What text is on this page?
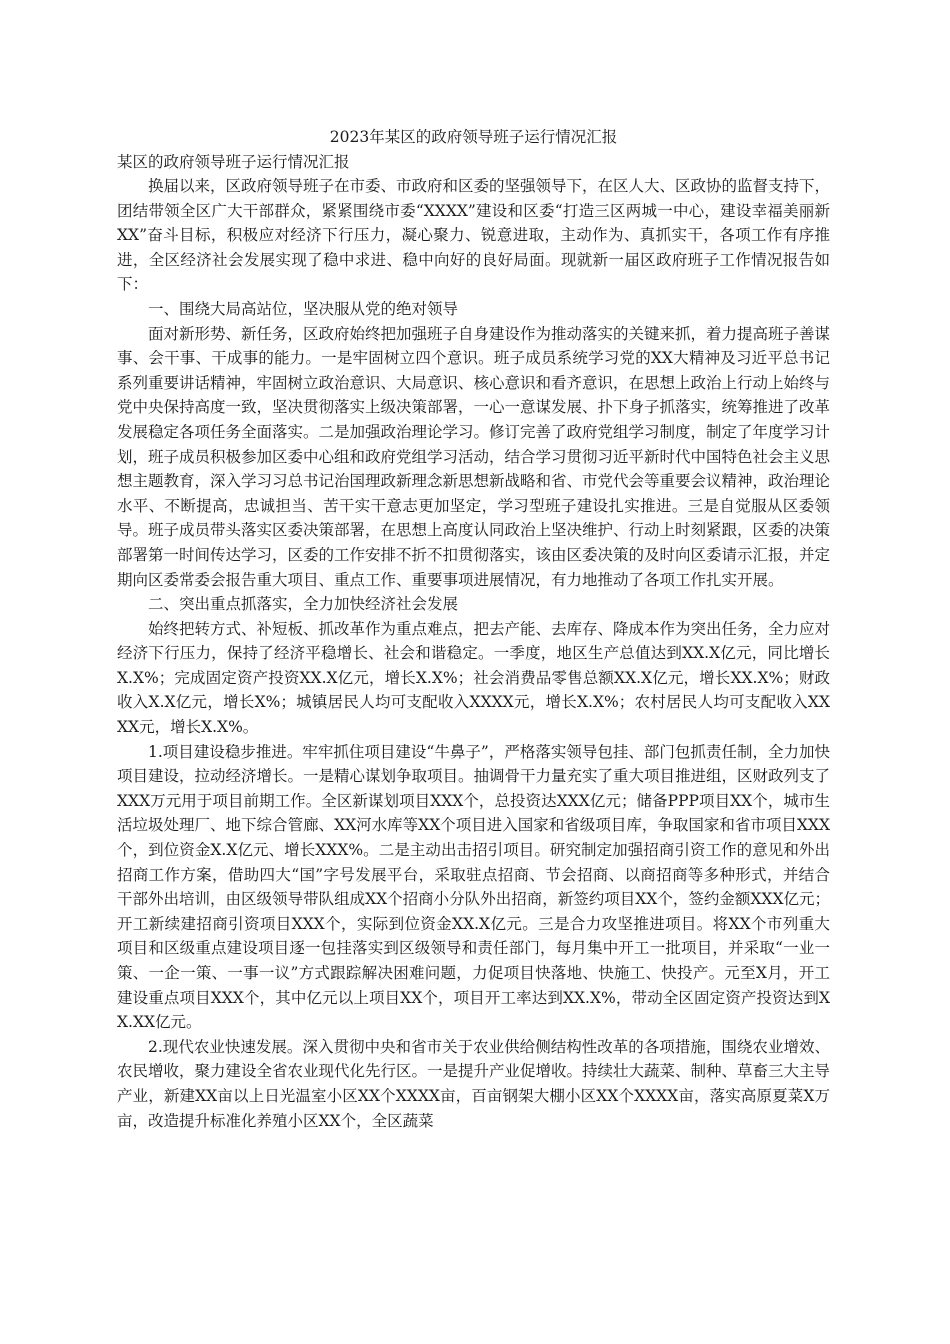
2023年某区的政府领导班子运行情况汇报

某区的政府领导班子运行情况汇报

换届以来，区政府领导班子在市委、市政府和区委的坚强领导下，在区人大、区政协的监督支持下，团结带领全区广大干部群众，紧紧围绕市委“XXXX”建设和区委“打造三区两城一中心，建设幸福美丽新XX”奋斗目标，积极应对经济下行压力，凝心聚力、锐意进取，主动作为、真抓实干，各项工作有序推进，全区经济社会发展实现了稳中求进、稳中向好的良好局面。现就新一届区政府班子工作情况报告如下：

一、围绕大局高站位，坚决服从党的绝对领导

面对新形势、新任务，区政府始终把加强班子自身建设作为推动落实的关键来抓，着力提高班子善谋事、会干事、干成事的能力。一是牢固树立四个意识。班子成员系统学习党的XX大精神及习近平总书记系列重要讲话精神，牢固树立政治意识、大局意识、核心意识和看齐意识，在思想上政治上行动上始终与党中央保持高度一致，坚决贯彻落实上级决策部署，一心一意谋发展、扑下身子抓落实，统筹推进了改革发展稳定各项任务全面落实。二是加强政治理论学习。修订完善了政府党组学习制度，制定了年度学习计划，班子成员积极参加区委中心组和政府党组学习活动，结合学习贯彻习近平新时代中国特色社会主义思想主题教育，深入学习习总书记治国理政新理念新思想新战略和省、市党代会等重要会议精神，政治理论水平、不断提高，忠诚担当、苦干实干意志更加坚定，学习型班子建设扎实推进。三是自觉服从区委领导。班子成员带头落实区委决策部署，在思想上高度认同政治上坚决维护、行动上时刻紧跟，区委的决策部署第一时间传达学习，区委的工作安排不折不扣贯彻落实，该由区委决策的及时向区委请示汇报，并定期向区委常委会报告重大项目、重点工作、重要事项进展情况，有力地推动了各项工作扎实开展。

二、突出重点抓落实，全力加快经济社会发展

始终把转方式、补短板、抓改革作为重点难点，把去产能、去库存、降成本作为突出任务，全力应对经济下行压力，保持了经济平稳增长、社会和谐稳定。一季度，地区生产总值达到XX.X亿元，同比增长X.X%；完成固定资产投资XX.X亿元，增长X.X%；社会消费品零售总额XX.X亿元，增长XX.X%；财政收入X.X亿元，增长X%；城镇居民人均可支配收入XXXX元，增长X.X%；农村居民人均可支配收入XXXX元，增长X.X%。

1.项目建设稳步推进。牢牢抓住项目建设“牛鼻子”，严格落实领导包挂、部门包抓责任制，全力加快项目建设，拉动经济增长。一是精心谋划争取项目。抽调骨干力量充实了重大项目推进组，区财政列支了XXX万元用于项目前期工作。全区新谋划项目XXX个，总投资达XXX亿元；储备PPP项目XX个，城市生活垃圾处理厂、地下综合管廊、XX河水库等XX个项目进入国家和省级项目库，争取国家和省市项目XXX个，到位资金X.X亿元、增长XXX%。二是主动出击招引项目。研究制定加强招商引资工作的意见和外出招商工作方案，借助四大“国”字号发展平台，采取驻点招商、节会招商、以商招商等多种形式，并结合干部外出培训，由区级领导带队组成XX个招商小分队外出招商，新签约项目XX个，签约金额XXX亿元；开工新续建招商引资项目XXX个，实际到位资金XX.X亿元。三是合力攻坚推进项目。将XX个市列重大项目和区级重点建设项目逐一包挂落实到区级领导和责任部门，每月集中开工一批项目，并采取“一业一策、一企一策、一事一议”方式跟踪解决困难问题，力促项目快落地、快施工、快投产。元至X月，开工建设重点项目XXX个，其中亿元以上项目XX个，项目开工率达到XX.X%，带动全区固定资产投资达到XX.XX亿元。

2.现代农业快速发展。深入贯彻中央和省市关于农业供给侧结构性改革的各项措施，围绕农业增效、农民增收，聚力建设全省农业现代化先行区。一是提升产业促增收。持续壮大蔬菜、制种、草畜三大主导产业，新建XX亩以上日光温室小区XX个XXXX亩，百亩钢架大棚小区XX个XXXX亩，落实高原夏菜X万亩，改造提升标准化养殖小区XX个，全区蔬菜
